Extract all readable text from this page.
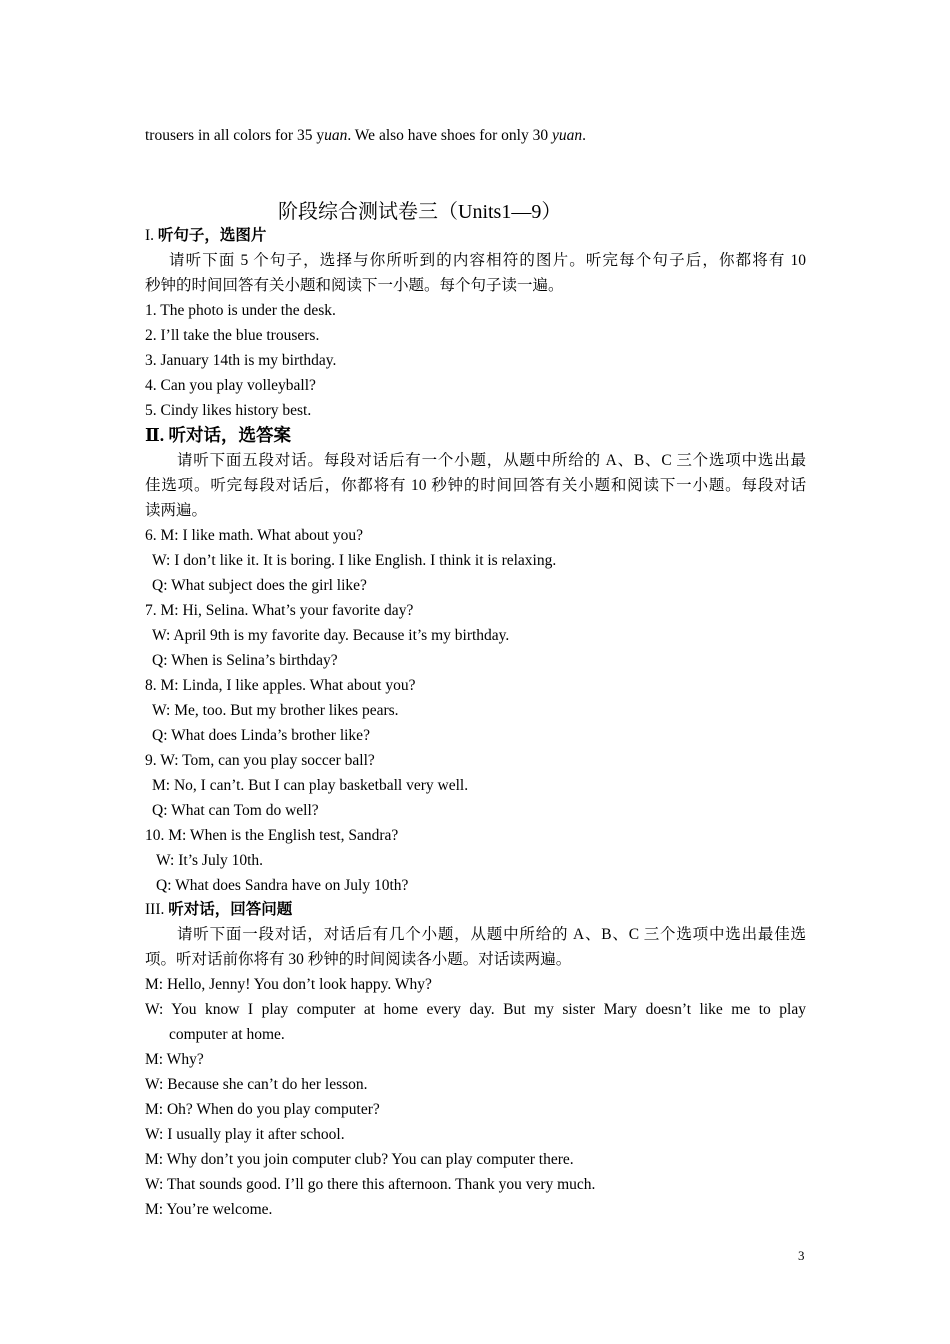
trousers in all colors for 35 yuan. We also have shoes for only 30 yuan.
阶段综合测试卷三（Units1—9）
I. 听句子，选图片
请听下面 5 个句子，选择与你所听到的内容相符的图片。听完每个句子后，你都将有 10
秒钟的时间回答有关小题和阅读下一小题。每个句子读一遍。
1. The photo is under the desk.
2. I’ll take the blue trousers.
3. January 14th is my birthday.
4. Can you play volleyball?
5. Cindy likes history best.
Ⅱ. 听对话，选答案
请听下面五段对话。每段对话后有一个小题，从题中所给的 A、B、C 三个选项中选出最
佳选项。听完每段对话后，你都将有 10 秒钟的时间回答有关小题和阅读下一小题。每段对话
读两遍。
6. M: I like math. What about you?
W: I don’t like it. It is boring. I like English. I think it is relaxing.
Q: What subject does the girl like?
7. M: Hi, Selina. What’s your favorite day?
W: April 9th is my favorite day. Because it’s my birthday.
Q: When is Selina’s birthday?
8. M: Linda, I like apples. What about you?
W: Me, too. But my brother likes pears.
Q: What does Linda’s brother like?
9. W: Tom, can you play soccer ball?
M: No, I can’t. But I can play basketball very well.
Q: What can Tom do well?
10. M: When is the English test, Sandra?
W: It’s July 10th.
Q: What does Sandra have on July 10th?
III. 听对话，回答问题
请听下面一段对话，对话后有几个小题，从题中所给的 A、B、C 三个选项中选出最佳选
项。听对话前你将有 30 秒钟的时间阅读各小题。对话读两遍。
M: Hello, Jenny! You don’t look happy. Why?
W: You know I play computer at home every day. But my sister Mary doesn’t like me to play
computer at home.
M: Why?
W: Because she can’t do her lesson.
M: Oh? When do you play computer?
W: I usually play it after school.
M: Why don’t you join computer club? You can play computer there.
W: That sounds good. I’ll go there this afternoon. Thank you very much.
M: You’re welcome.
3
